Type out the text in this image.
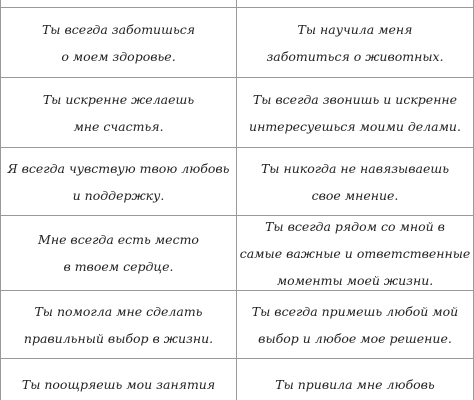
Ты всегда заботишься
о моем здоровье.
Ты научила меня
заботиться о животных.
Ты искренне желаешь
мне счастья.
Ты всегда звонишь и искренне
интересуешься моими делами.
Я всегда чувствую твою любовь
и поддержку.
Ты никогда не навязываешь
свое мнение.
Мне всегда есть место
в твоем сердце.
Ты всегда рядом со мной в
самые важные и ответственные
моменты моей жизни.
Ты помогла мне сделать
правильный выбор в жизни.
Ты всегда примешь любой мой
выбор и любое мое решение.
Ты поощряешь мои занятия	Ты привила мне любовь
